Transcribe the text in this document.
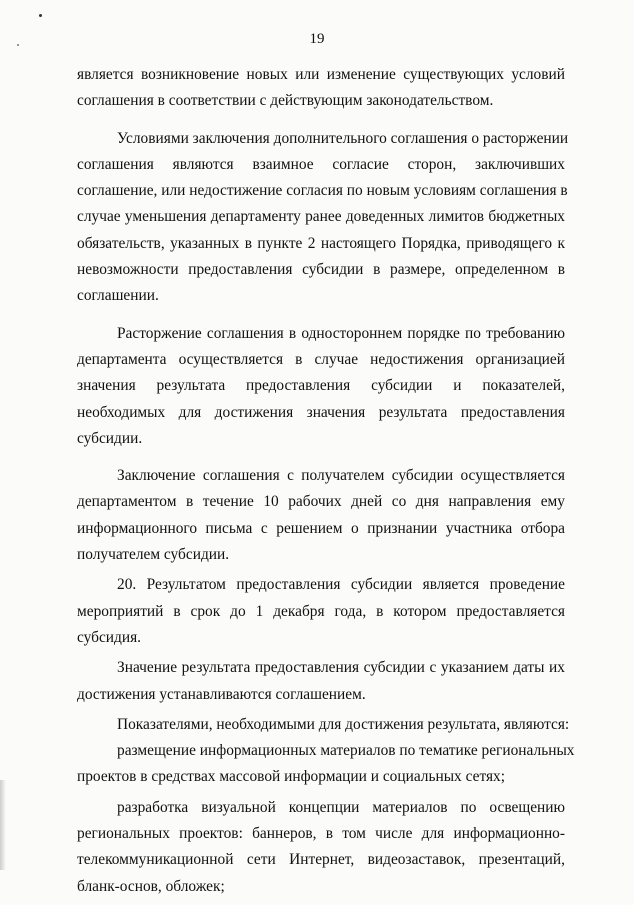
19

является возникновение новых или изменение существующих условий
соглашения в соответствии с действующим законодательством.

Условиями заключения дополнительного соглашения о расторжении
соглашения являются взаимное согласие сторон, заключивших
соглашение, или недостижение согласия по новым условиям соглашения в
случае уменьшения департаменту ранее доведенных лимитов бюджетных
обязательств, указанных в пункте 2 настоящего Порядка, приводящего к
невозможности предоставления субсидии в размере, определенном в
соглашении.

Расторжение соглашения в одностороннем порядке по требованию
департамента осуществляется в случае недостижения организацией
значения результата предоставления субсидии и показателей,
необходимых для достижения значения результата предоставления
субсидии.

Заключение соглашения с получателем субсидии осуществляется
департаментом в течение 10 рабочих дней со дня направления ему
информационного письма с решением о признании участника отбора
получателем субсидии.

20. Результатом предоставления субсидии является проведение
мероприятий в срок до 1 декабря года, в котором предоставляется
субсидия.

Значение результата предоставления субсидии с указанием даты их
достижения устанавливаются соглашением.

Показателями, необходимыми для достижения результата, являются:

размещение информационных материалов по тематике региональных
проектов в средствах массовой информации и социальных сетях;

разработка визуальной концепции материалов по освещению
региональных проектов: баннеров, в том числе для информационно-
телекоммуникационной сети Интернет, видеозаставок, презентаций,
бланк-основ, обложек;
